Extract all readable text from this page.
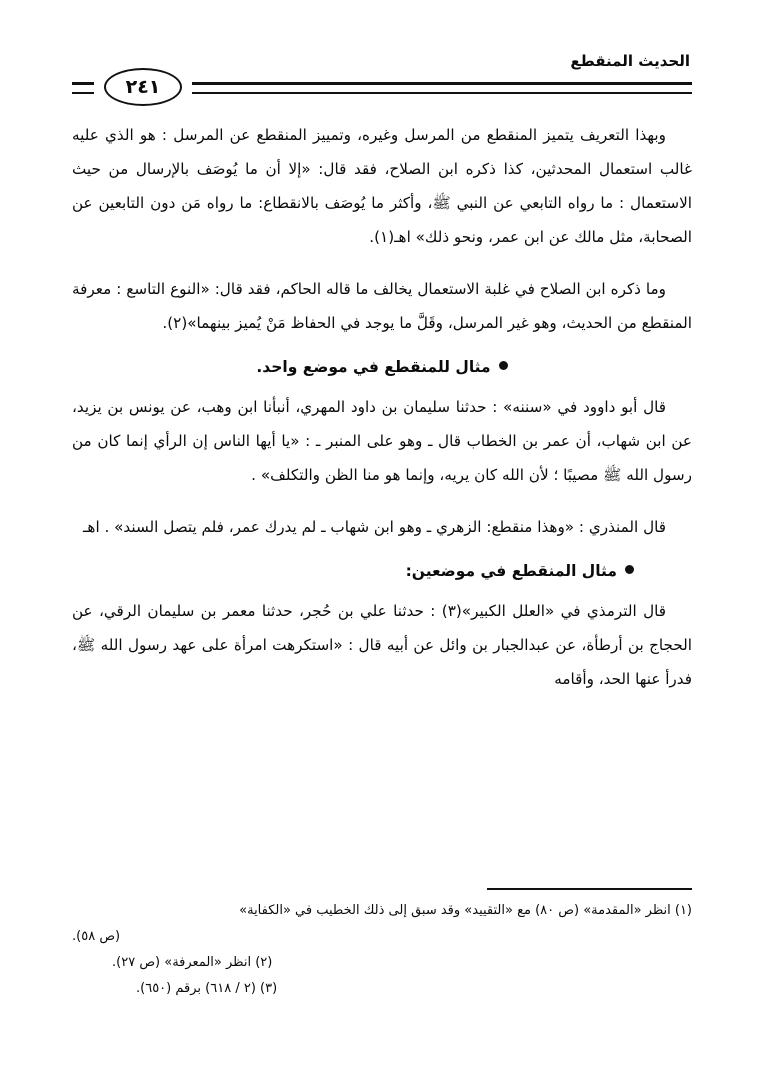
الحديث المنقطع
٢٤١

وبهذا التعريف يتميز المنقطع من المرسل وغيره، وتمييز المنقطع عن المرسل : هو الذي عليه غالب استعمال المحدثين، كذا ذكره ابن الصلاح، فقد قال: «إلا أن ما يُوصَف بالإرسال من حيث الاستعمال : ما رواه التابعي عن النبي ﷺ، وأكثر ما يُوصَف بالانقطاع: ما رواه مَن دون التابعين عن الصحابة، مثل مالك عن ابن عمر، ونحو ذلك» اهـ(١).

وما ذكره ابن الصلاح في غلبة الاستعمال يخالف ما قاله الحاكم، فقد قال: «النوع التاسع : معرفة المنقطع من الحديث، وهو غير المرسل، وقَلَّ ما يوجد في الحفاظ مَنْ يُميز بينهما»(٢).

مثال للمنقطع في موضع واحد.

قال أبو داوود في «سننه» : حدثنا سليمان بن داود المهري، أنبأنا ابن وهب، عن يونس بن يزيد، عن ابن شهاب، أن عمر بن الخطاب قال ـ وهو على المنبر ـ : «يا أيها الناس إن الرأي إنما كان من رسول الله ﷺ مصيبًا ؛ لأن الله كان يريه، وإنما هو منا الظن والتكلف» .

قال المنذري : «وهذا منقطع: الزهري ـ وهو ابن شهاب ـ لم يدرك عمر، فلم يتصل السند» . اهـ

مثال المنقطع في موضعين:

قال الترمذي في «العلل الكبير»(٣) : حدثنا علي بن حُجر، حدثنا معمر بن سليمان الرقي، عن الحجاج بن أرطأة، عن عبدالجبار بن وائل عن أبيه قال : «استكرهت امرأة على عهد رسول الله ﷺ، فدرأ عنها الحد، وأقامه

(١) انظر «المقدمة» (ص ٨٠) مع «التقييد» وقد سبق إلى ذلك الخطيب في «الكفاية»

(ص ٥٨).

(٢) انظر «المعرفة» (ص ٢٧).

(٣) (٢ / ٦١٨) برقم (٦٥٠).
